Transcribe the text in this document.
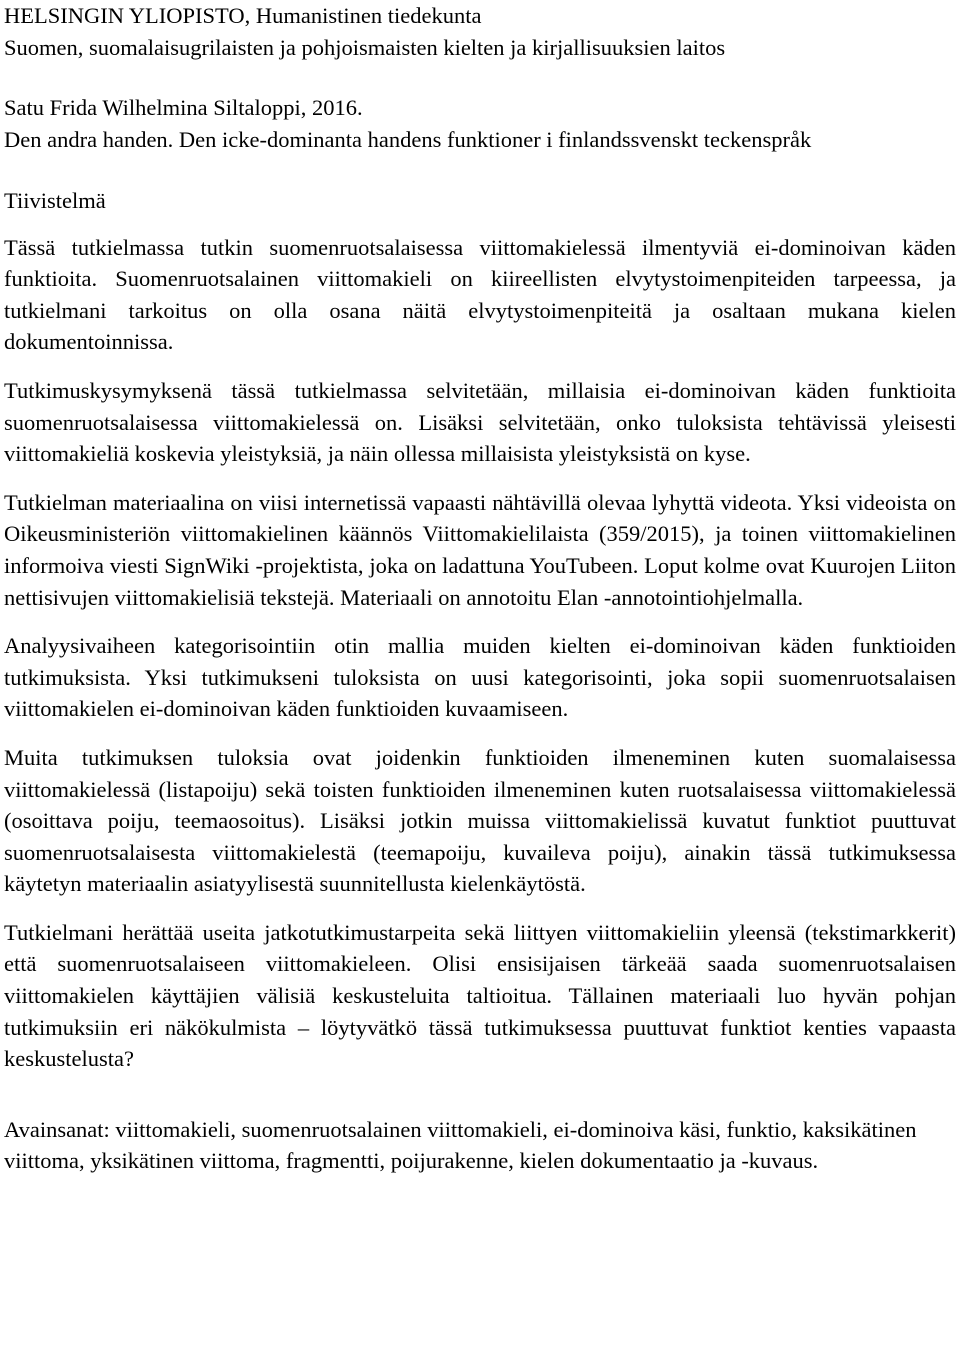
HELSINGIN YLIOPISTO, Humanistinen tiedekunta

Suomen, suomalaisugrilaisten ja pohjoismaisten kielten ja kirjallisuuksien laitos

Satu Frida Wilhelmina Siltaloppi, 2016.

Den andra handen. Den icke-dominanta handens funktioner i finlandssvenskt teckenspråk

Tiivistelmä

Tässä tutkielmassa tutkin suomenruotsalaisessa viittomakielessä ilmentyviä ei-dominoivan käden funktioita. Suomenruotsalainen viittomakieli on kiireellisten elvytystoimenpiteiden tarpeessa, ja tutkielmani tarkoitus on olla osana näitä elvytystoimenpiteitä ja osaltaan mukana kielen dokumentoinnissa.

Tutkimuskysymyksenä tässä tutkielmassa selvitetään, millaisia ei-dominoivan käden funktioita suomenruotsalaisessa viittomakielessä on. Lisäksi selvitetään, onko tuloksista tehtävissä yleisesti viittomakieliä koskevia yleistyksiä, ja näin ollessa millaisista yleistyksistä on kyse.

Tutkielman materiaalina on viisi internetissä vapaasti nähtävillä olevaa lyhyttä videota. Yksi videoista on Oikeusministeriön viittomakielinen käännös Viittomakielilaista (359/2015), ja toinen viittomakielinen informoiva viesti SignWiki -projektista, joka on ladattuna YouTubeen. Loput kolme ovat Kuurojen Liiton nettisivujen viittomakielisiä tekstejä. Materiaali on annotoitu Elan -annotointiohjelmalla.

Analyysivaiheen kategorisointiin otin mallia muiden kielten ei-dominoivan käden funktioiden tutkimuksista. Yksi tutkimukseni tuloksista on uusi kategorisointi, joka sopii suomenruotsalaisen viittomakielen ei-dominoivan käden funktioiden kuvaamiseen.

Muita tutkimuksen tuloksia ovat joidenkin funktioiden ilmeneminen kuten suomalaisessa viittomakielessä (listapoiju) sekä toisten funktioiden ilmeneminen kuten ruotsalaisessa viittomakielessä (osoittava poiju, teemaosoitus). Lisäksi jotkin muissa viittomakielissä kuvatut funktiot puuttuvat suomenruotsalaisesta viittomakielestä (teemapoiju, kuvaileva poiju), ainakin tässä tutkimuksessa käytetyn materiaalin asiatyylisestä suunnitellusta kielenkäytöstä.

Tutkielmani herättää useita jatkotutkimustarpeita sekä liittyen viittomakieliin yleensä (tekstimarkkerit) että suomenruotsalaiseen viittomakieleen. Olisi ensisijaisen tärkeää saada suomenruotsalaisen viittomakielen käyttäjien välisiä keskusteluita taltioitua. Tällainen materiaali luo hyvän pohjan tutkimuksiin eri näkökulmista – löytyvätkö tässä tutkimuksessa puuttuvat funktiot kenties vapaasta keskustelusta?

Avainsanat: viittomakieli, suomenruotsalainen viittomakieli, ei-dominoiva käsi, funktio, kaksikätinen viittoma, yksikätinen viittoma, fragmentti, poijurakenne, kielen dokumentaatio ja -kuvaus.
